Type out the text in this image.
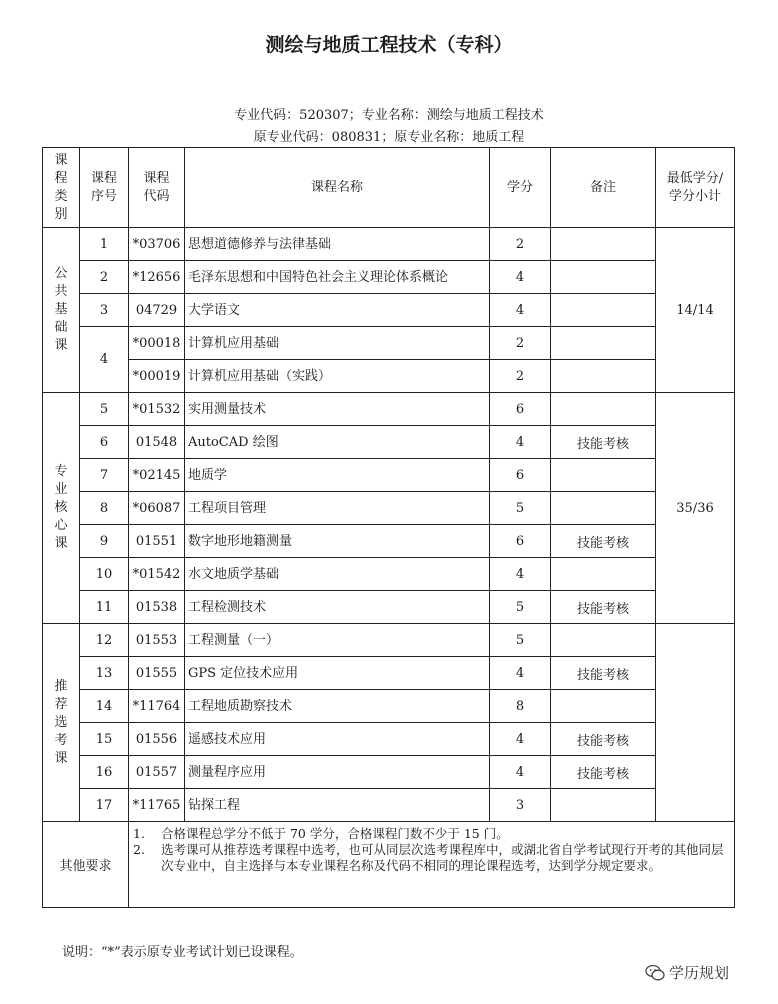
测绘与地质工程技术（专科）
专业代码：520307；专业名称：测绘与地质工程技术
原专业代码：080831；原专业名称：地质工程
课
程
类
别	课程序号	课程代码	课程名称	学分	备注	最低学分/学分小计

公
共
基
础
课	1	*03706	思想道德修养与法律基础	2		14/14
	2	*12656	毛泽东思想和中国特色社会主义理论体系概论	4		
	3	04729	大学语文	4		
	4	*00018	计算机应用基础	2		
		*00019	计算机应用基础（实践）	2		

专
业
核
心
课	5	*01532	实用测量技术	6		35/36
	6	01548	AutoCAD 绘图	4	技能考核	
	7	*02145	地质学	6		
	8	*06087	工程项目管理	5		
	9	01551	数字地形地籍测量	6	技能考核	
	10	*01542	水文地质学基础	4		
	11	01538	工程检测技术	5	技能考核	

推
荐
选
考
课	12	01553	工程测量（一）	5		
	13	01555	GPS 定位技术应用	4	技能考核	
	14	*11764	工程地质勘察技术	8		
	15	01556	遥感技术应用	4	技能考核	
	16	01557	测量程序应用	4	技能考核	
	17	*11765	钻探工程	3		
其他要求		1. 合格课程总学分不低于 70 学分，合格课程门数不少于 15 门。
2. 选考课可从推荐选考课程中选考，也可从同层次选考课程库中，或湖北省自学考试现行开考的其他同层次专业中，自主选择与本专业课程名称及代码不相同的理论课程选考，达到学分规定要求。				
说明：“*”表示原专业考试计划已设课程。
学历规划
